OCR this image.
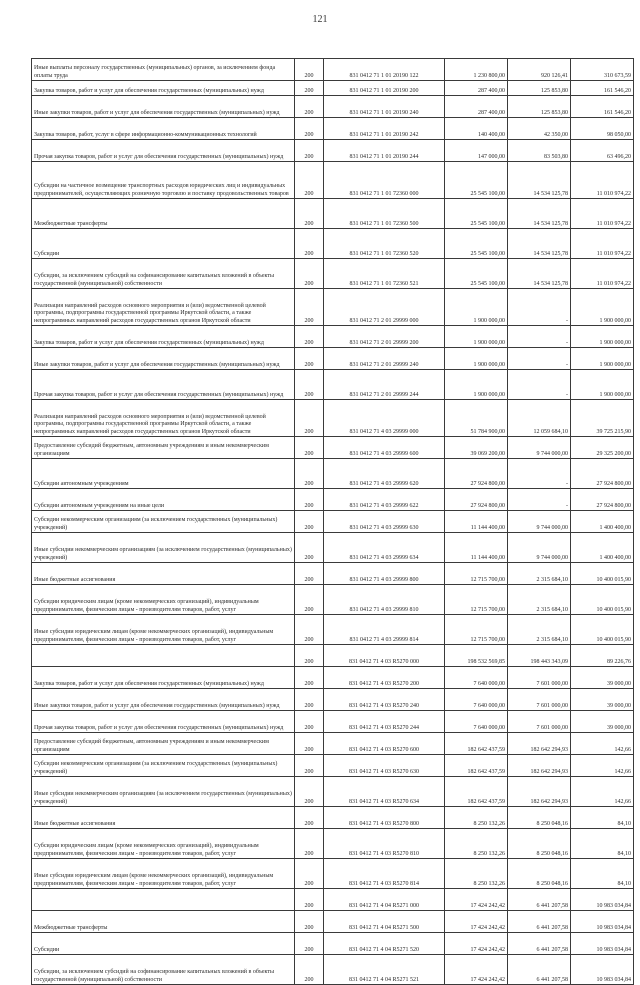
121
Иные выплаты персоналу государственных (муниципальных) органов, за исключением фонда оплаты труда	200	831 0412 71 1 01 20190 122	1 230 800,00	920 126,41	310 673,59

Закупка товаров, работ и услуг для обеспечения государственных (муниципальных) нужд	200	831 0412 71 1 01 20190 200	287 400,00	125 853,80	161 546,20

Иные закупки товаров, работ и услуг для обеспечения государственных (муниципальных) нужд	200	831 0412 71 1 01 20190 240	287 400,00	125 853,80	161 546,20

Закупка товаров, работ, услуг в сфере информационно-коммуникационных технологий	200	831 0412 71 1 01 20190 242	140 400,00	42 350,00	98 050,00

Прочая закупка товаров, работ и услуг для обеспечения государственных (муниципальных) нужд	200	831 0412 71 1 01 20190 244	147 000,00	83 503,80	63 496,20

Субсидии на частичное возмещение транспортных расходов юридических лиц и индивидуальных предпринимателей, осуществляющих розничную торговлю и поставку продовольственных товаров	200	831 0412 71 1 01 72360 000	25 545 100,00	14 534 125,78	11 010 974,22

Межбюджетные трансферты	200	831 0412 71 1 01 72360 500	25 545 100,00	14 534 125,78	11 010 974,22

Субсидии	200	831 0412 71 1 01 72360 520	25 545 100,00	14 534 125,78	11 010 974,22

Субсидии, за исключением субсидий на софинансирование капитальных вложений в объекты государственной (муниципальной) собственности	200	831 0412 71 1 01 72360 521	25 545 100,00	14 534 125,78	11 010 974,22

Реализация направлений расходов основного мероприятия и (или) ведомственной целевой программы, подпрограммы государственной программы Иркутской области, а также непрограммных направлений расходов государственных органов Иркутской области	200	831 0412 71 2 01 29999 000	1 900 000,00	-	1 900 000,00

Закупка товаров, работ и услуг для обеспечения государственных (муниципальных) нужд	200	831 0412 71 2 01 29999 200	1 900 000,00	-	1 900 000,00

Иные закупки товаров, работ и услуг для обеспечения государственных (муниципальных) нужд	200	831 0412 71 2 01 29999 240	1 900 000,00	-	1 900 000,00

Прочая закупка товаров, работ и услуг для обеспечения государственных (муниципальных) нужд	200	831 0412 71 2 01 29999 244	1 900 000,00	-	1 900 000,00

Реализация направлений расходов основного мероприятия и (или) ведомственной целевой программы, подпрограммы государственной программы Иркутской области, а также непрограммных направлений расходов государственных органов Иркутской области	200	831 0412 71 4 03 29999 000	51 784 900,00	12 059 684,10	39 725 215,90

Предоставление субсидий бюджетным, автономным учреждениям и иным некоммерческим организациям	200	831 0412 71 4 03 29999 600	39 069 200,00	9 744 000,00	29 325 200,00

Субсидии автономным учреждениям	200	831 0412 71 4 03 29999 620	27 924 800,00	-	27 924 800,00

Субсидии автономным учреждениям на иные цели	200	831 0412 71 4 03 29999 622	27 924 800,00	-	27 924 800,00

Субсидии некоммерческим организациям (за исключением государственных (муниципальных) учреждений)	200	831 0412 71 4 03 29999 630	11 144 400,00	9 744 000,00	1 400 400,00

Иные субсидии некоммерческим организациям (за исключением государственных (муниципальных) учреждений)	200	831 0412 71 4 03 29999 634	11 144 400,00	9 744 000,00	1 400 400,00

Иные бюджетные ассигнования	200	831 0412 71 4 03 29999 800	12 715 700,00	2 315 684,10	10 400 015,90

Субсидии юридическим лицам (кроме некоммерческих организаций), индивидуальным предпринимателям, физическим лицам - производителям товаров, работ, услуг	200	831 0412 71 4 03 29999 810	12 715 700,00	2 315 684,10	10 400 015,90

Иные субсидии юридическим лицам (кроме некоммерческих организаций), индивидуальным предпринимателям, физическим лицам - производителям товаров, работ, услуг	200	831 0412 71 4 03 29999 814	12 715 700,00	2 315 684,10	10 400 015,90

	200	831 0412 71 4 03 R5270 000	198 532 569,85	198 443 343,09	89 226,76

Закупка товаров, работ и услуг для обеспечения государственных (муниципальных) нужд	200	831 0412 71 4 03 R5270 200	7 640 000,00	7 601 000,00	39 000,00

Иные закупки товаров, работ и услуг для обеспечения государственных (муниципальных) нужд	200	831 0412 71 4 03 R5270 240	7 640 000,00	7 601 000,00	39 000,00

Прочая закупка товаров, работ и услуг для обеспечения государственных (муниципальных) нужд	200	831 0412 71 4 03 R5270 244	7 640 000,00	7 601 000,00	39 000,00

Предоставление субсидий бюджетным, автономным учреждениям и иным некоммерческим организациям	200	831 0412 71 4 03 R5270 600	182 642 437,59	182 642 294,93	142,66

Субсидии некоммерческим организациям (за исключением государственных (муниципальных) учреждений)	200	831 0412 71 4 03 R5270 630	182 642 437,59	182 642 294,93	142,66

Иные субсидии некоммерческим организациям (за исключением государственных (муниципальных) учреждений)	200	831 0412 71 4 03 R5270 634	182 642 437,59	182 642 294,93	142,66

Иные бюджетные ассигнования	200	831 0412 71 4 03 R5270 800	8 250 132,26	8 250 048,16	84,10

Субсидии юридическим лицам (кроме некоммерческих организаций), индивидуальным предпринимателям, физическим лицам - производителям товаров, работ, услуг	200	831 0412 71 4 03 R5270 810	8 250 132,26	8 250 048,16	84,10

Иные субсидии юридическим лицам (кроме некоммерческих организаций), индивидуальным предпринимателям, физическим лицам - производителям товаров, работ, услуг	200	831 0412 71 4 03 R5270 814	8 250 132,26	8 250 048,16	84,10

	200	831 0412 71 4 04 R5271 000	17 424 242,42	6 441 207,58	10 983 034,84

Межбюджетные трансферты	200	831 0412 71 4 04 R5271 500	17 424 242,42	6 441 207,58	10 983 034,84

Субсидии	200	831 0412 71 4 04 R5271 520	17 424 242,42	6 441 207,58	10 983 034,84

Субсидии, за исключением субсидий на софинансирование капитальных вложений в объекты государственной (муниципальной) собственности	200	831 0412 71 4 04 R5271 521	17 424 242,42	6 441 207,58	10 983 034,84
